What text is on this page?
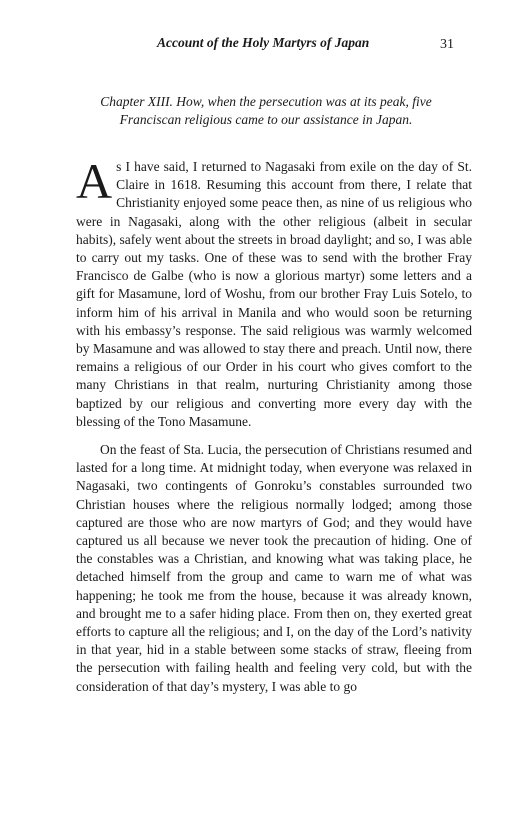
Account of the Holy Martyrs of Japan	31
Chapter XIII. How, when the persecution was at its peak, five Franciscan religious came to our assistance in Japan.

As I have said, I returned to Nagasaki from exile on the day of St. Claire in 1618. Resuming this account from there, I relate that Christianity enjoyed some peace then, as nine of us religious who were in Nagasaki, along with the other religious (albeit in secular habits), safely went about the streets in broad daylight; and so, I was able to carry out my tasks. One of these was to send with the brother Fray Francisco de Galbe (who is now a glorious martyr) some letters and a gift for Masamune, lord of Woshu, from our brother Fray Luis Sotelo, to inform him of his arrival in Manila and who would soon be returning with his embassy’s response. The said religious was warmly welcomed by Masamune and was allowed to stay there and preach. Until now, there remains a religious of our Order in his court who gives comfort to the many Christians in that realm, nurturing Christianity among those baptized by our religious and converting more every day with the blessing of the Tono Masamune.

On the feast of Sta. Lucia, the persecution of Christians resumed and lasted for a long time. At midnight today, when everyone was relaxed in Nagasaki, two contingents of Gonroku’s constables surrounded two Christian houses where the religious normally lodged; among those captured are those who are now martyrs of God; and they would have captured us all because we never took the precaution of hiding. One of the constables was a Christian, and knowing what was taking place, he detached himself from the group and came to warn me of what was happening; he took me from the house, because it was already known, and brought me to a safer hiding place. From then on, they exerted great efforts to capture all the religious; and I, on the day of the Lord’s nativity in that year, hid in a stable between some stacks of straw, fleeing from the persecution with failing health and feeling very cold, but with the consideration of that day’s mystery, I was able to go
